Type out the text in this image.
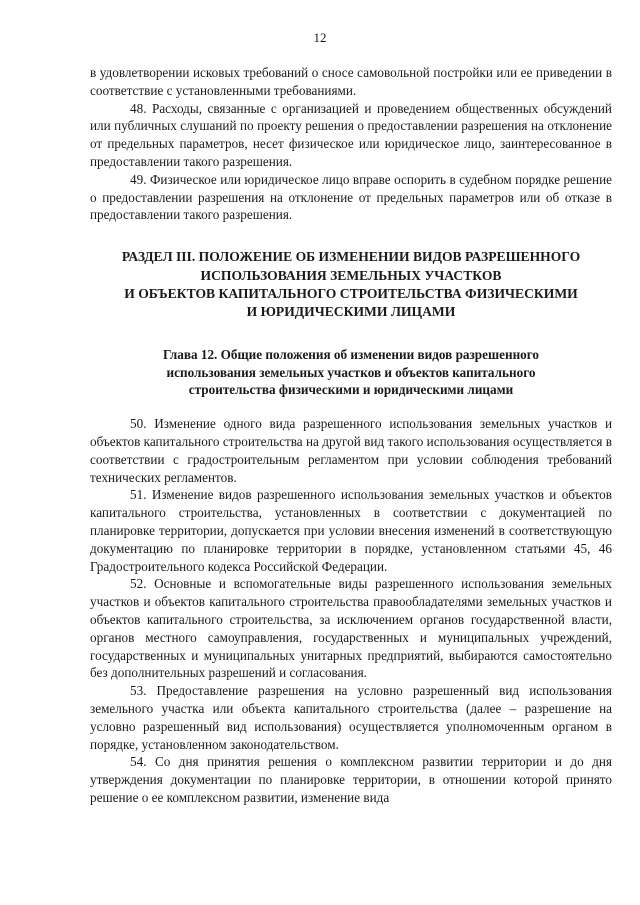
12

в удовлетворении исковых требований о сносе самовольной постройки или ее приведении в соответствие с установленными требованиями.

48. Расходы, связанные с организацией и проведением общественных обсуждений или публичных слушаний по проекту решения о предоставлении разрешения на отклонение от предельных параметров, несет физическое или юридическое лицо, заинтересованное в предоставлении такого разрешения.

49. Физическое или юридическое лицо вправе оспорить в судебном порядке решение о предоставлении разрешения на отклонение от предельных параметров или об отказе в предоставлении такого разрешения.

РАЗДЕЛ III. ПОЛОЖЕНИЕ ОБ ИЗМЕНЕНИИ ВИДОВ РАЗРЕШЕННОГО
ИСПОЛЬЗОВАНИЯ ЗЕМЕЛЬНЫХ УЧАСТКОВ
И ОБЪЕКТОВ КАПИТАЛЬНОГО СТРОИТЕЛЬСТВА ФИЗИЧЕСКИМИ
И ЮРИДИЧЕСКИМИ ЛИЦАМИ
Глава 12. Общие положения об изменении видов разрешенного
использования земельных участков и объектов капитального
строительства физическими и юридическими лицами

50. Изменение одного вида разрешенного использования земельных участков и объектов капитального строительства на другой вид такого использования осуществляется в соответствии с градостроительным регламентом при условии соблюдения требований технических регламентов.

51. Изменение видов разрешенного использования земельных участков и объектов капитального строительства, установленных в соответствии с документацией по планировке территории, допускается при условии внесения изменений в соответствующую документацию по планировке территории в порядке, установленном статьями 45, 46 Градостроительного кодекса Российской Федерации.

52. Основные и вспомогательные виды разрешенного использования земельных участков и объектов капитального строительства правообладателями земельных участков и объектов капитального строительства, за исключением органов государственной власти, органов местного самоуправления, государственных и муниципальных учреждений, государственных и муниципальных унитарных предприятий, выбираются самостоятельно без дополнительных разрешений и согласования.

53. Предоставление разрешения на условно разрешенный вид использования земельного участка или объекта капитального строительства (далее – разрешение на условно разрешенный вид использования) осуществляется уполномоченным органом в порядке, установленном законодательством.

54. Со дня принятия решения о комплексном развитии территории и до дня утверждения документации по планировке территории, в отношении которой принято решение о ее комплексном развитии, изменение вида
